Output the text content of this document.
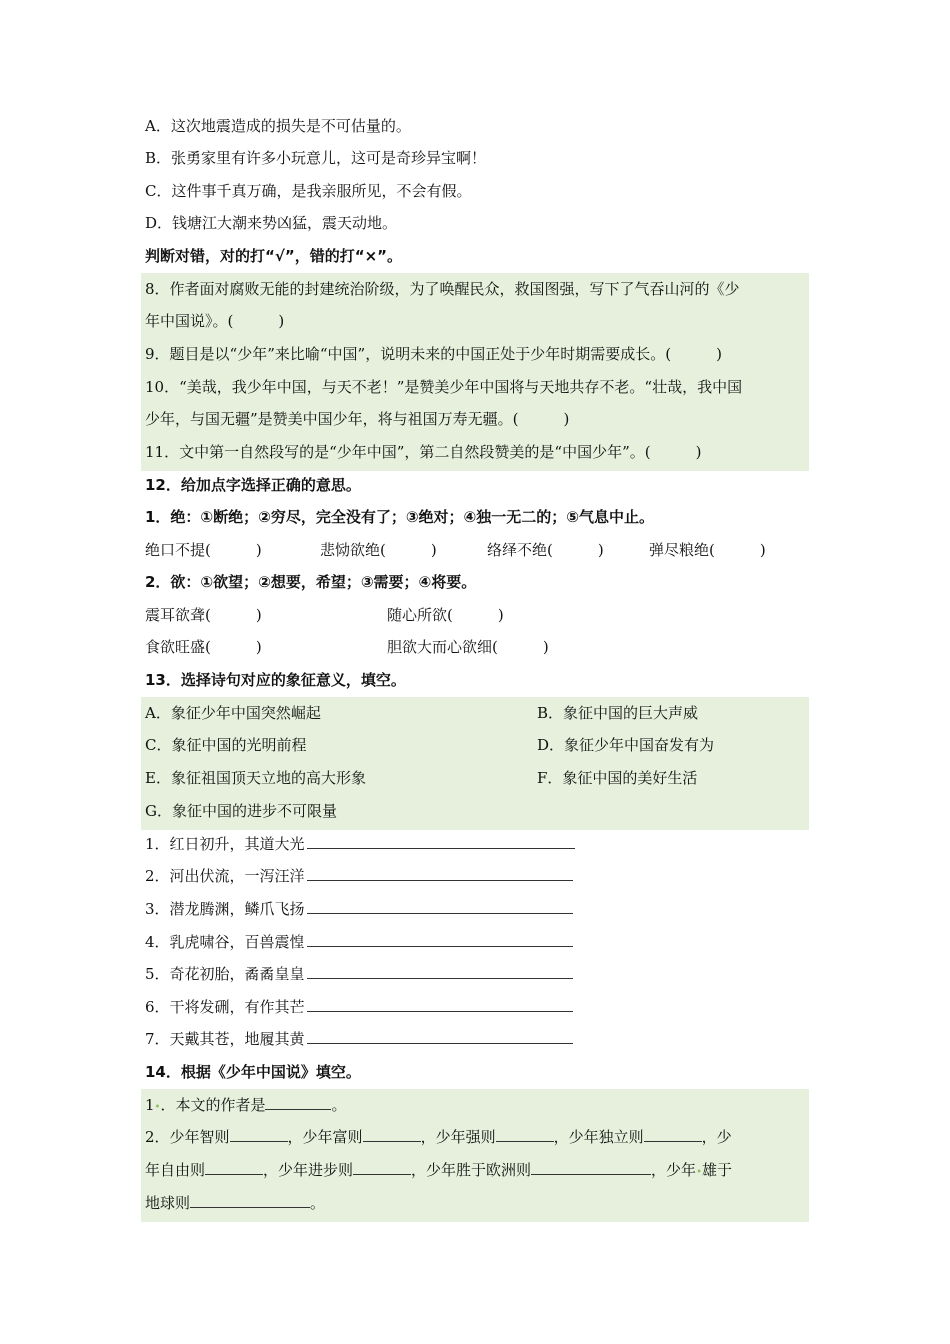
A．这次地震造成的损失是不可估量的。
B．张勇家里有许多小玩意儿，这可是奇珍异宝啊！
C．这件事千真万确，是我亲服所见，不会有假。
D．钱塘江大潮来势凶猛，震天动地。
判断对错，对的打“√”，错的打“×”。
8．作者面对腐败无能的封建统治阶级，为了唤醒民众，救国图强，写下了气吞山河的《少
年中国说》。(　　　)
9．题目是以“少年”来比喻“中国”，说明未来的中国正处于少年时期需要成长。(　　　)
10．“美哉，我少年中国，与天不老！”是赞美少年中国将与天地共存不老。“壮哉，我中国
少年，与国无疆”是赞美中国少年，将与祖国万寿无疆。(　　　)
11．文中第一自然段写的是“少年中国”，第二自然段赞美的是“中国少年”。(　　　)
12．给加点字选择正确的意思。
1．绝：①断绝；②穷尽，完全没有了；③绝对；④独一无二的；⑤气息中止。
绝口不提(　　　)	悲恸欲绝(　　　)	络绎不绝(　　　)	弹尽粮绝(　　　)
2．欲：①欲望；②想要，希望；③需要；④将要。
震耳欲聋(　　　)	随心所欲(　　　)
食欲旺盛(　　　)	胆欲大而心欲细(　　　)
13．选择诗句对应的象征意义，填空。
A．象征少年中国突然崛起	B．象征中国的巨大声威
C．象征中国的光明前程	D．象征少年中国奋发有为
E．象征祖国顶天立地的高大形象	F．象征中国的美好生活
G．象征中国的进步不可限量
1．红日初升，其道大光
2．河出伏流，一泻汪洋
3．潜龙腾渊，鳞爪飞扬
4．乳虎啸谷，百兽震惶
5．奇花初胎，矞矞皇皇
6．干将发硎，有作其芒
7．天戴其苍，地履其黄
14．根据《少年中国说》填空。
1•．本文的作者是	。
2．少年智则	，少年富则	，少年强则	，少年独立则	，少
年自由则	，少年进步则	，少年胜于欧洲则	，少年•雄于
地球则	。
